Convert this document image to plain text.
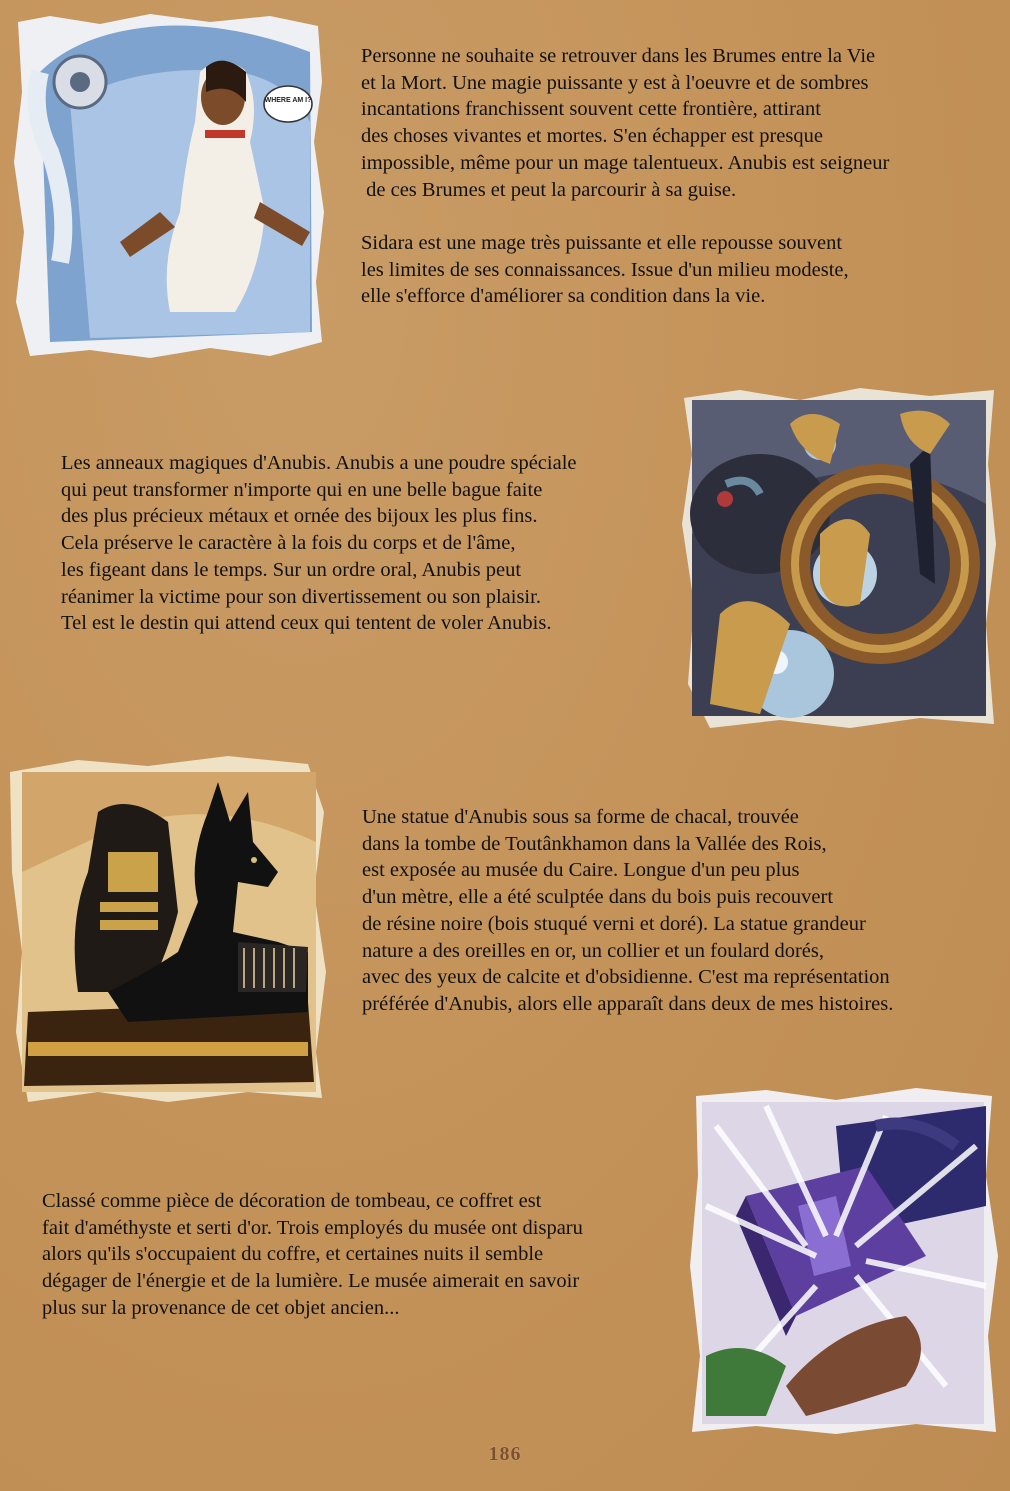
WHERE AM I?

Personne ne souhaite se retrouver dans les Brumes entre la Vie

et la Mort. Une magie puissante y est à l'oeuvre et de sombres

incantations franchissent souvent cette frontière, attirant

des choses vivantes et mortes. S'en échapper est presque

impossible, même pour un mage talentueux. Anubis est seigneur

de ces Brumes et peut la parcourir à sa guise.

Sidara est une mage très puissante et elle repousse souvent

les limites de ses connaissances. Issue d'un milieu modeste,

elle s'efforce d'améliorer sa condition dans la vie.

Les anneaux magiques d'Anubis. Anubis a une poudre spéciale

qui peut transformer n'importe qui en une belle bague faite

des plus précieux métaux et ornée des bijoux les plus fins.

Cela préserve le caractère à la fois du corps et de l'âme,

les figeant dans le temps. Sur un ordre oral, Anubis peut

réanimer la victime pour son divertissement ou son plaisir.

Tel est le destin qui attend ceux qui tentent de voler Anubis.

Une statue d'Anubis sous sa forme de chacal, trouvée

dans la tombe de Toutânkhamon dans la Vallée des Rois,

est exposée au musée du Caire. Longue d'un peu plus

d'un mètre, elle a été sculptée dans du bois puis recouvert

de résine noire (bois stuqué verni et doré). La statue grandeur

nature a des oreilles en or, un collier et un foulard dorés,

avec des yeux de calcite et d'obsidienne. C'est ma représentation

préférée d'Anubis, alors elle apparaît dans deux de mes histoires.

Classé comme pièce de décoration de tombeau, ce coffret est

fait d'améthyste et serti d'or. Trois employés du musée ont disparu

alors qu'ils s'occupaient du coffre, et certaines nuits il semble

dégager de l'énergie et de la lumière. Le musée aimerait en savoir

plus sur la provenance de cet objet ancien...

186
